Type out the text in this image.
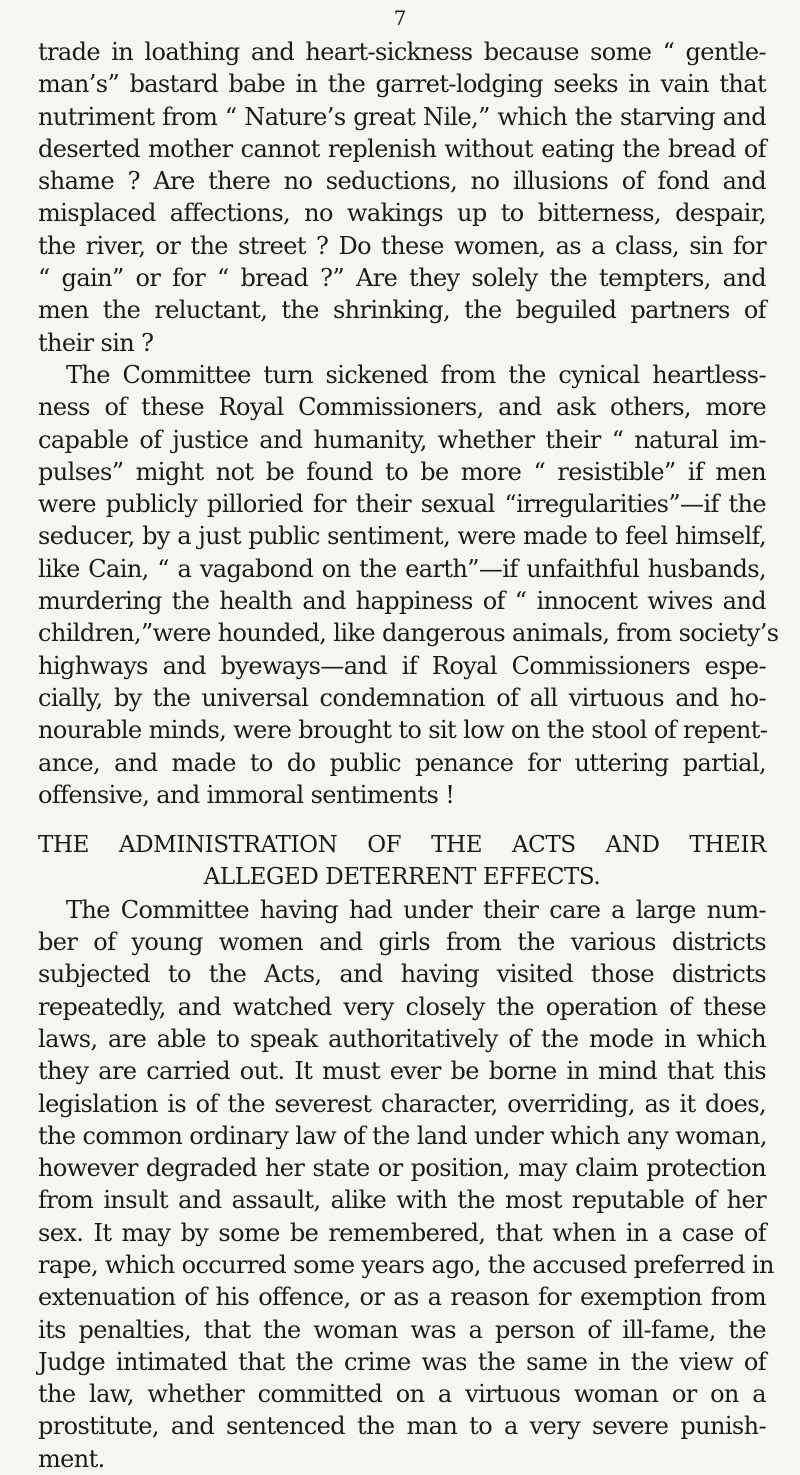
7
trade in loathing and heart-sickness because some “ gentle-
man’s” bastard babe in the garret-lodging seeks in vain that
nutriment from “ Nature’s great Nile,” which the starving and
deserted mother cannot replenish without eating the bread of
shame ? Are there no seductions, no illusions of fond and
misplaced affections, no wakings up to bitterness, despair,
the river, or the street ? Do these women, as a class, sin for
“ gain” or for “ bread ?” Are they solely the tempters, and
men the reluctant, the shrinking, the beguiled partners of
their sin ?
The Committee turn sickened from the cynical heartless-
ness of these Royal Commissioners, and ask others, more
capable of justice and humanity, whether their “ natural im-
pulses” might not be found to be more “ resistible” if men
were publicly pilloried for their sexual “irregularities”—if the
seducer, by a just public sentiment, were made to feel himself,
like Cain, “ a vagabond on the earth”—if unfaithful husbands,
murdering the health and happiness of “ innocent wives and
children,”were hounded, like dangerous animals, from society’s
highways and byeways—and if Royal Commissioners espe-
cially, by the universal condemnation of all virtuous and ho-
nourable minds, were brought to sit low on the stool of repent-
ance, and made to do public penance for uttering partial,
offensive, and immoral sentiments !
THE ADMINISTRATION OF THE ACTS AND THEIR
ALLEGED DETERRENT EFFECTS.
The Committee having had under their care a large num-
ber of young women and girls from the various districts
subjected to the Acts, and having visited those districts
repeatedly, and watched very closely the operation of these
laws, are able to speak authoritatively of the mode in which
they are carried out. It must ever be borne in mind that this
legislation is of the severest character, overriding, as it does,
the common ordinary law of the land under which any woman,
however degraded her state or position, may claim protection
from insult and assault, alike with the most reputable of her
sex. It may by some be remembered, that when in a case of
rape, which occurred some years ago, the accused preferred in
extenuation of his offence, or as a reason for exemption from
its penalties, that the woman was a person of ill-fame, the
Judge intimated that the crime was the same in the view of
the law, whether committed on a virtuous woman or on a
prostitute, and sentenced the man to a very severe punish-
ment.
